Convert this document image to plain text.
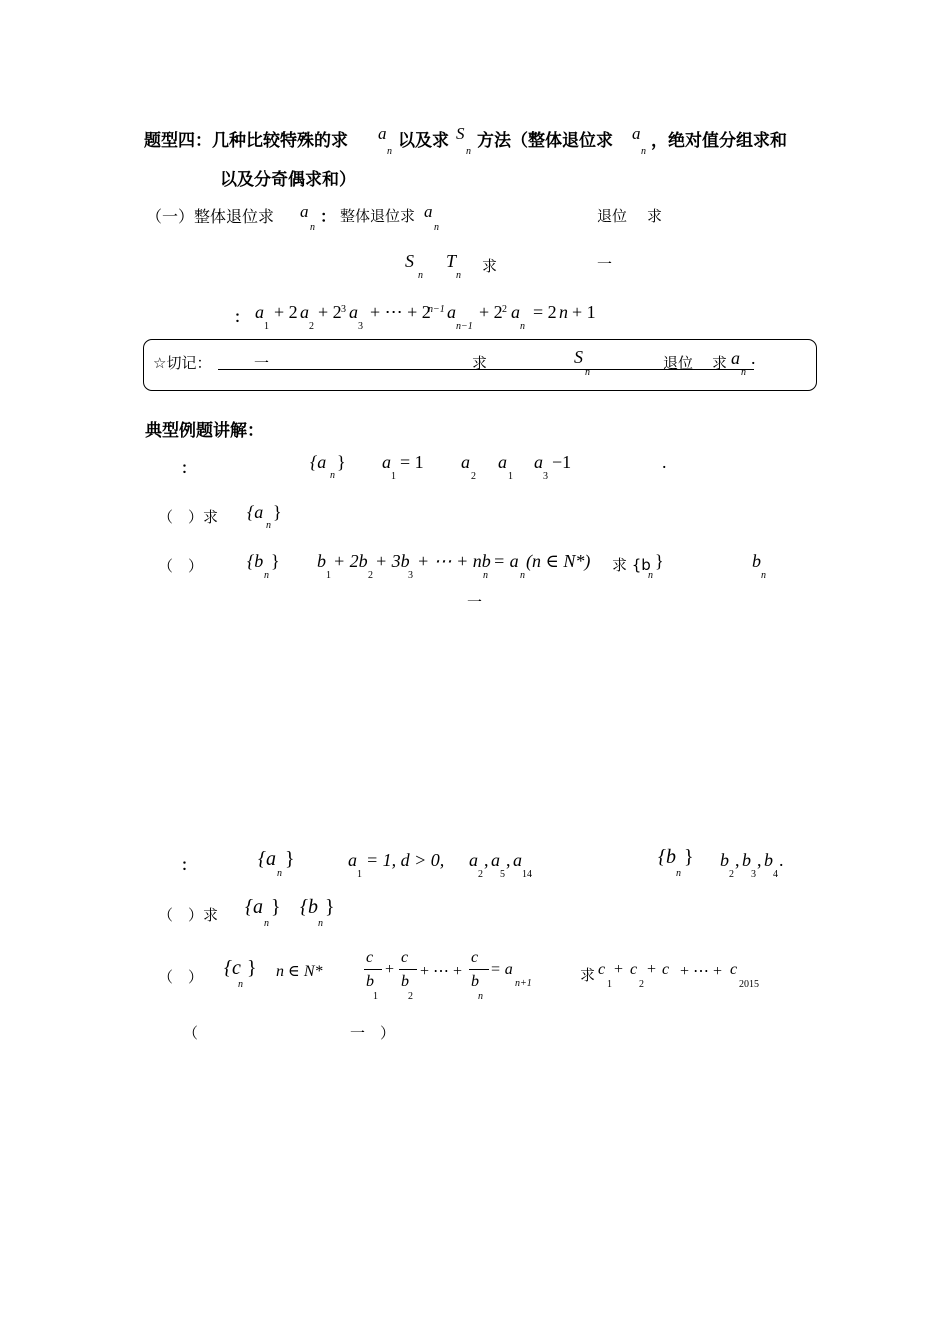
题型四：几种比较特殊的求 a
n
以及求 S
n
方法（整体退位求 a
n
，绝对值分组求和
以及分奇偶求和）
（一）整体退位求 a
n
： 整体退位求 a
n
退位 求
S
n
T
n
求	一
： a
1
+ 2 a
2
+ 2 3 a
3
+ ⋯ + 2
n−1 a
n−1
+ 2 2 a
n
= 2 n + 1
☆切记：	一	求	S
n
退位 求 a
n
.
典型例题讲解：
：	{a
n
} a
1
= 1 a
2
a
1
a
3
−1	.
（　）求 {a
n
}
（　） {b
n
} b
1
+ 2b
2
+ 3b
3
+ ⋯ + nb
n
= a
n
(n ∈ N*) 求 {b
n
}	b
n
一
：	{a
n
}	a
1
= 1, d > 0, a
2
, a
5
, a
14
{b
n
} b
2
, b
3
, b
4
.
（　）求 {a
n
} {b
n
}
（　） {c
n
} n ∈ N*
c
b
1
+
c
b
2
+ ⋯ +
c
b
n
= a
n+1	求 c
1
+ c
2
+ c + ⋯ + c
2015
（	一 ）
